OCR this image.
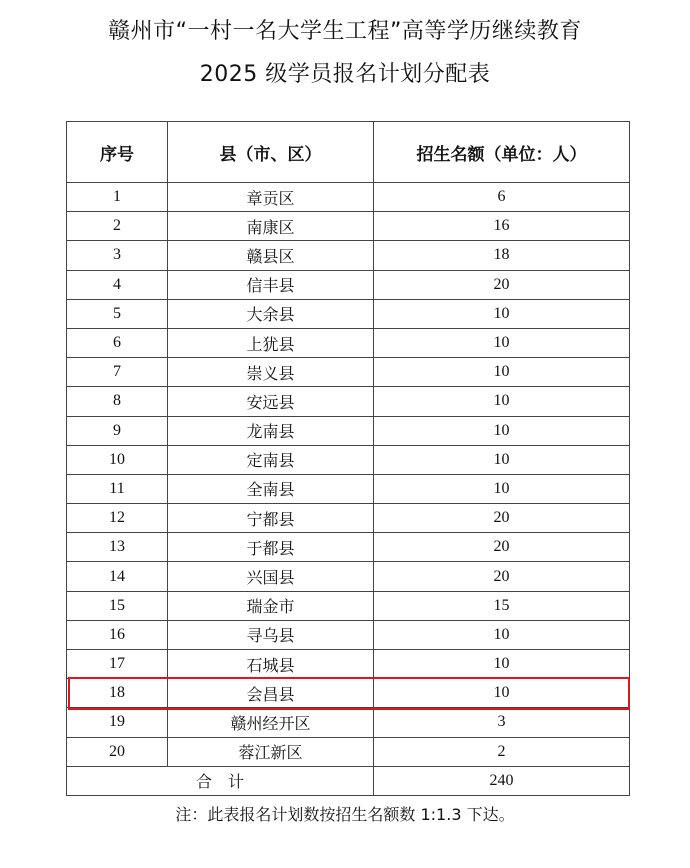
赣州市“一村一名大学生工程”高等学历继续教育
2025 级学员报名计划分配表
序号	县（市、区）	招生名额（单位：人）
1	章贡区	6
2	南康区	16
3	赣县区	18
4	信丰县	20
5	大余县	10
6	上犹县	10
7	崇义县	10
8	安远县	10
9	龙南县	10
10	定南县	10
11	全南县	10
12	宁都县	20
13	于都县	20
14	兴国县	20
15	瑞金市	15
16	寻乌县	10
17	石城县	10
18	会昌县	10
19	赣州经开区	3
20	蓉江新区	2
合　计		240
注：此表报名计划数按招生名额数 1:1.3 下达。
